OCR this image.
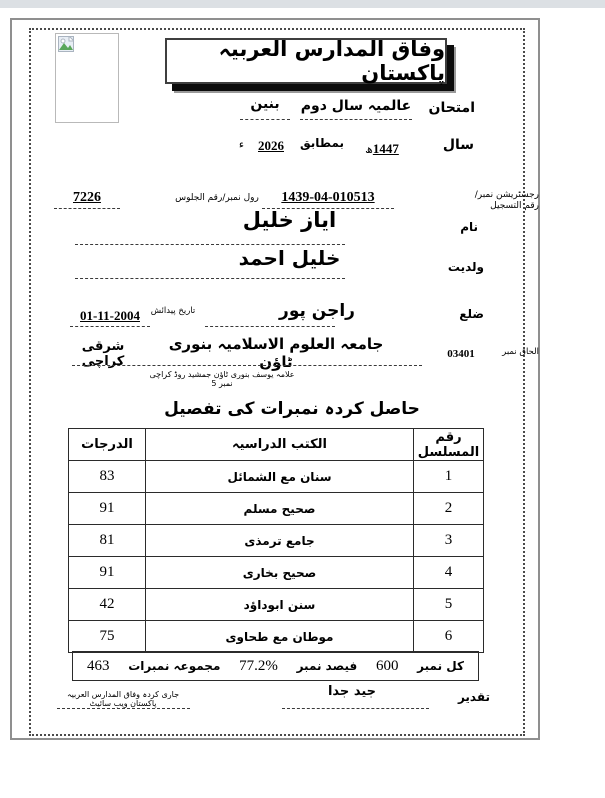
وفاق المدارس العربیہ پاکستان
امتحان
عالمیہ سال دوم
بنین
سال
1447ھ
بمطابق
2026
ء
رجسٹریشن نمبر/رقم التسجیل
1439-04-010513
رول نمبر/رقم الجلوس
7226
نام
ایاز خلیل
ولدیت
خلیل احمد
ضلع
راجن پور
تاریخ پیدائش
01-11-2004
الحاق نمبر
03401
جامعہ العلوم الاسلامیہ بنوری ٹاؤن
شرقی کراچی
علامہ یوسف بنوری ٹاؤن جمشید روڈ کراچی نمبر 5
حاصل کردہ نمبرات کی تفصیل
رقم المسلسل	الکتب الدراسیہ	الدرجات
1	سنان مع الشمائل	83
2	صحیح مسلم	91
3	جامع ترمذی	81
4	صحیح بخاری	91
5	سنن ابوداؤد	42
6	موطان مع طحاوی	75
کل نمبر
600
فیصد نمبر
77.2%
مجموعہ نمبرات
463
تقدیر
جید جدا
جاری کردہ وفاق المدارس العربیہ پاکستان ویب سائیٹ
